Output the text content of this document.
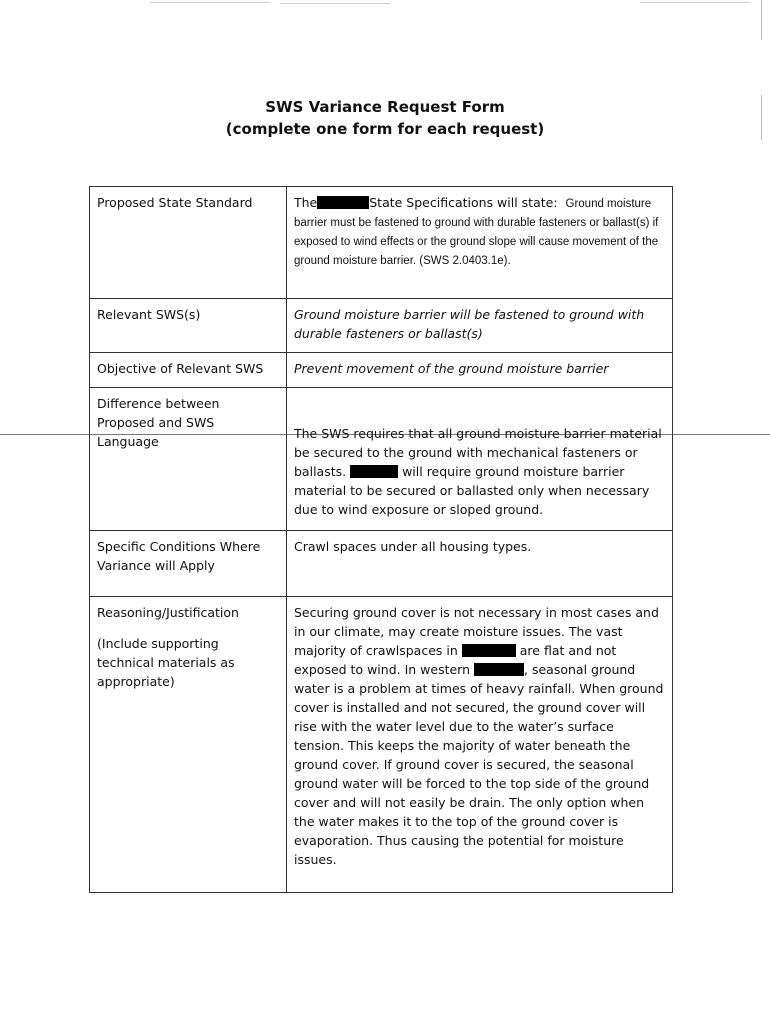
SWS Variance Request Form
(complete one form for each request)
Proposed State Standard	The State Specifications will state: Ground moisture barrier must be fastened to ground with durable fasteners or ballast(s) if exposed to wind effects or the ground slope will cause movement of the ground moisture barrier. (SWS 2.0403.1e).
Relevant SWS(s)	Ground moisture barrier will be fastened to ground with durable fasteners or ballast(s)
Objective of Relevant SWS	Prevent movement of the ground moisture barrier
Difference between Proposed and SWS Language	The SWS requires that all ground moisture barrier material be secured to the ground with mechanical fasteners or ballasts. will require ground moisture barrier material to be secured or ballasted only when necessary due to wind exposure or sloped ground.
Specific Conditions Where Variance will Apply	Crawl spaces under all housing types.

Reasoning/Justification

(Include supporting technical materials as appropriate)	Securing ground cover is not necessary in most cases and in our climate, may create moisture issues. The vast majority of crawlspaces in are flat and not exposed to wind. In western , seasonal ground water is a problem at times of heavy rainfall. When ground cover is installed and not secured, the ground cover will rise with the water level due to the water’s surface tension. This keeps the majority of water beneath the ground cover. If ground cover is secured, the seasonal ground water will be forced to the top side of the ground cover and will not easily be drain. The only option when the water makes it to the top of the ground cover is evaporation. Thus causing the potential for moisture issues.
